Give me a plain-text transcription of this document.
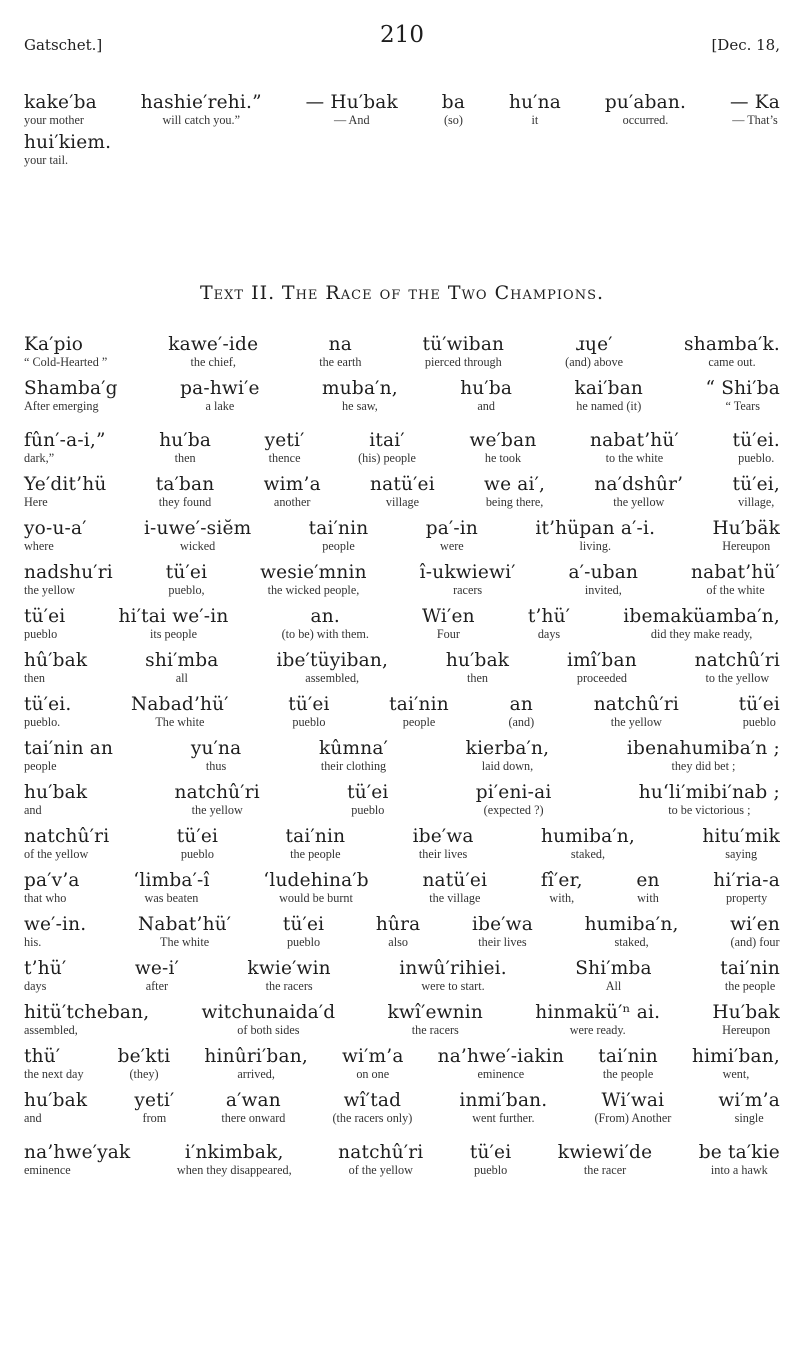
Gatschet.]	210	[Dec. 18,
kake′ba
your mother
hashie′rehi.”
will catch you.”
— Hu′bak
— And
ba
(so)
hu′na
it
pu′aban.
occurred.
— Ka
— That’s
hui′kiem.
your tail.
Text II. The Race of the Two Champions.
Ka′pio
“ Cold-Hearted ”
kawe′-ide
the chief,
na
the earth
tü′wiban
pierced through
ɹɥe′
(and) above
shamba′k.
came out.
Shamba′g
After emerging
pa-hwi′e
a lake
muba′n,
he saw,
hu′ba
and
kai′ban
he named (it)
“ Shi′ba
“ Tears
fûn′-a-i,”
dark,”
hu′ba
then
yeti′
thence
itai′
(his) people
we′ban
he took
nabat’hü′
to the white
tü′ei.
pueblo.
Ye′dit’hü
Here
ta′ban
they found
wim’a
another
natü′ei
village
we ai′,
being there,
na′dshûr’
the yellow
tü′ei,
village,
yo-u-a′
where
i-uwe′-siĕm
wicked
tai′nin
people
pa′-in
were
it’hüpan a′-i.
living.
Hu′bäk
Hereupon
nadshu′ri
the yellow
tü′ei
pueblo,
wesie′mnin
the wicked people,
î-ukwiewi′
racers
a′-uban
invited,
nabat’hü′
of the white
tü′ei
pueblo
hi′tai we′-in
its people
an.
(to be) with them.
Wi′en
Four
t’hü′
days
ibemaküamba′n,
did they make ready,
hû′bak
then
shi′mba
all
ibe′tüyiban,
assembled,
hu′bak
then
imî′ban
proceeded
natchû′ri
to the yellow
tü′ei.
pueblo.
Nabad’hü′
The white
tü′ei
pueblo
tai′nin
people
an
(and)
natchû′ri
the yellow
tü′ei
pueblo
tai′nin an
people
yu′na
thus
kûmna′
their clothing
kierba′n,
laid down,
ibenahumiba′n ;
they did bet ;
hu′bak
and
natchû′ri
the yellow
tü′ei
pueblo
pi′eni-ai
(expected ?)
hu‘li′mibi′nab ;
to be victorious ;
natchû′ri
of the yellow
tü′ei
pueblo
tai′nin
the people
ibe′wa
their lives
humiba′n,
staked,
hitu′mik
saying
pa′v’a
that who
‘limba′-î
was beaten
‘ludehina′b
would be burnt
natü′ei
the village
fî′er,
with,
en
with
hi′ria-a
property
we′-in.
his.
Nabat’hü′
The white
tü′ei
pueblo
hûra
also
ibe′wa
their lives
humiba′n,
staked,
wi′en
(and) four
t’hü′
days
we-i′
after
kwie′win
the racers
inwû′rihiei.
were to start.
Shi′mba
All
tai′nin
the people
hitü′tcheban,
assembled,
witchunaida′d
of both sides
kwî′ewnin
the racers
hinmakü′ⁿ ai.
were ready.
Hu′bak
Hereupon
thü′
the next day
be′kti
(they)
hinûri′ban,
arrived,
wi′m’a
on one
na’hwe′-iakin
eminence
tai′nin
the people
himi′ban,
went,
hu′bak
and
yeti′
from
a′wan
there onward
wî′tad
(the racers only)
inmi′ban.
went further.
Wi′wai
(From) Another
wi′m’a
single
na’hwe′yak
eminence
i′nkimbak,
when they disappeared,
natchû′ri
of the yellow
tü′ei
pueblo
kwiewi′de
the racer
be ta′kie
into a hawk
